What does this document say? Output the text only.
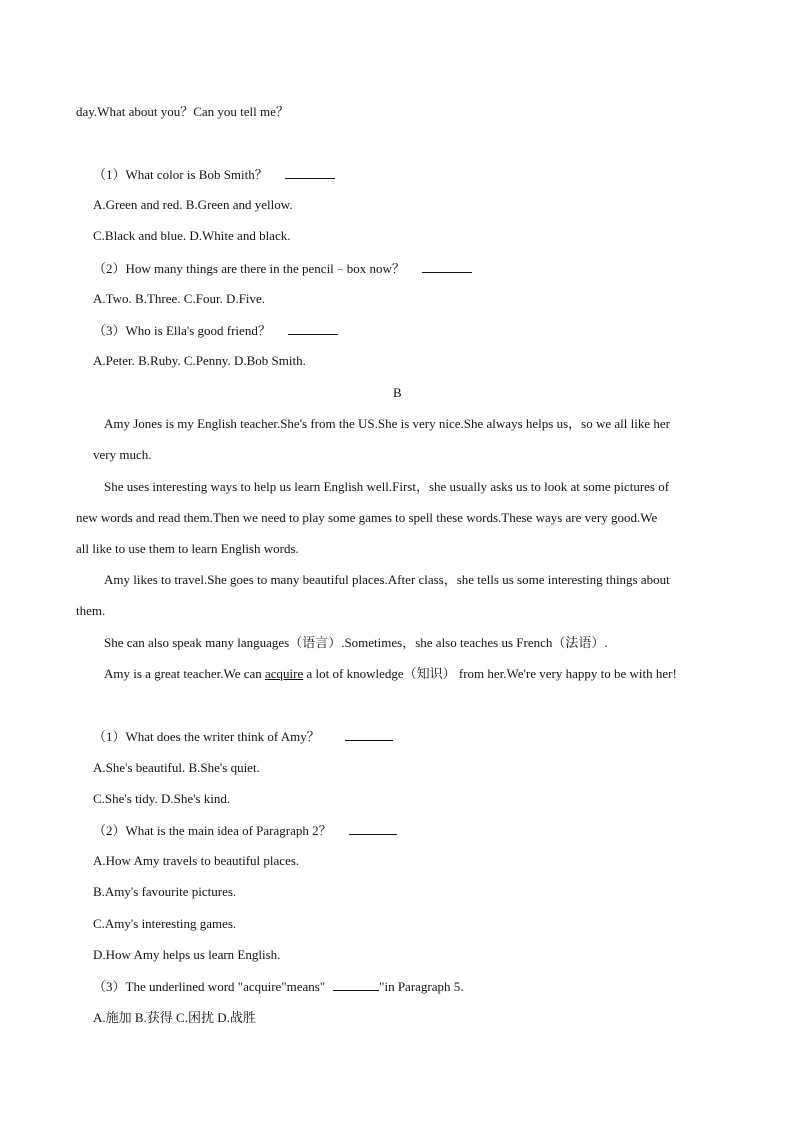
day.What about you？Can you tell me？
（1）What color is Bob Smith？
A.Green and red. B.Green and yellow.
C.Black and blue. D.White and black.
（2）How many things are there in the pencil﹣box now？
A.Two. B.Three. C.Four. D.Five.
（3）Who is Ella's good friend？
A.Peter. B.Ruby. C.Penny. D.Bob Smith.
B
Amy Jones is my English teacher.She's from the US.She is very nice.She always helps us，so we all like her
very much.
She uses interesting ways to help us learn English well.First，she usually asks us to look at some pictures of
new words and read them.Then we need to play some games to spell these words.These ways are very good.We
all like to use them to learn English words.
Amy likes to travel.She goes to many beautiful places.After class，she tells us some interesting things about
them.
She can also speak many languages（语言）.Sometimes，she also teaches us French（法语）.
Amy is a great teacher.We can acquire a lot of knowledge（知识） from her.We're very happy to be with her!
（1）What does the writer think of Amy？
A.She's beautiful. B.She's quiet.
C.She's tidy. D.She's kind.
（2）What is the main idea of Paragraph 2？
A.How Amy travels to beautiful places.
B.Amy's favourite pictures.
C.Amy's interesting games.
D.How Amy helps us learn English.
（3）The underlined word "acquire"means"	"in Paragraph 5.
A.施加 B.获得 C.困扰 D.战胜
